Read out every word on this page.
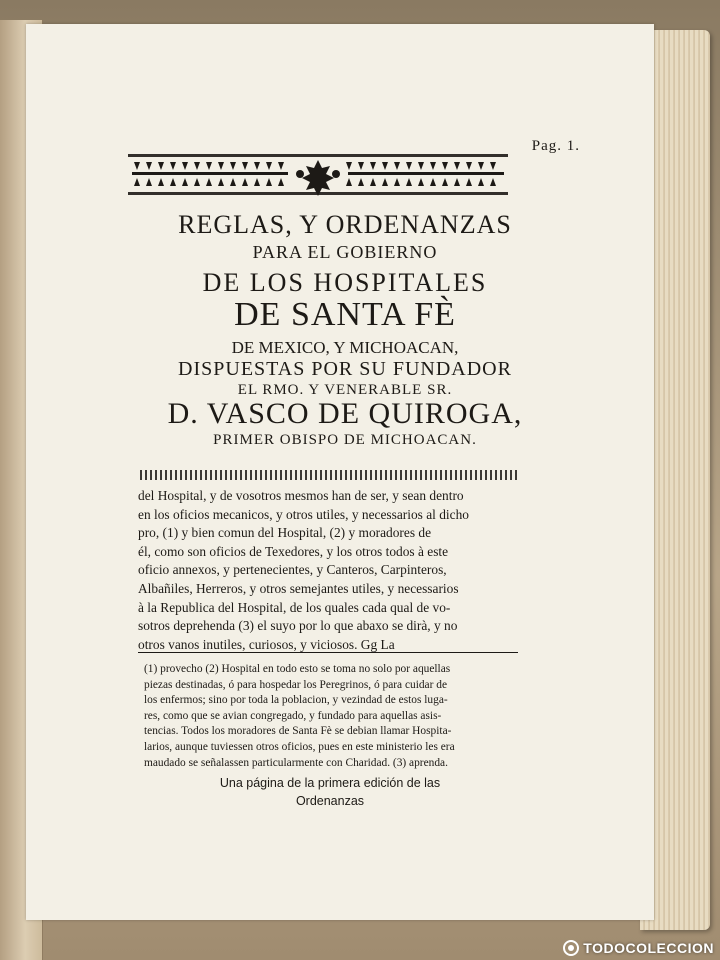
Pag. 1.
REGLAS, Y ORDENANZAS
PARA EL GOBIERNO
DE LOS HOSPITALES
DE SANTA FÈ
DE MEXICO, Y MICHOACAN,
DISPUESTAS POR SU FUNDADOR
EL RMO. Y VENERABLE SR.
D. VASCO DE QUIROGA,
PRIMER OBISPO DE MICHOACAN.
del Hospital, y de vosotros mesmos han de ser, y sean dentro
en los oficios mecanicos, y otros utiles, y necessarios al dicho
pro, (1) y bien comun del Hospital, (2) y moradores de
él, como son oficios de Texedores, y los otros todos à este
oficio annexos, y pertenecientes, y Canteros, Carpinteros,
Albañiles, Herreros, y otros semejantes utiles, y necessarios
à la Republica del Hospital, de los quales cada qual de vo-
sotros deprehenda (3) el suyo por lo que abaxo se dirà, y no
otros vanos inutiles, curiosos, y viciosos. Gg La
(1) provecho (2) Hospital en todo esto se toma no solo por aquellas
piezas destinadas, ó para hospedar los Peregrinos, ó para cuidar de
los enfermos; sino por toda la poblacion, y vezindad de estos luga-
res, como que se avian congregado, y fundado para aquellas asis-
tencias. Todos los moradores de Santa Fè se debian llamar Hospita-
larios, aunque tuviessen otros oficios, pues en este ministerio les era
maudado se señalassen particularmente con Charidad. (3) aprenda.
Una página de la primera edición de las
Ordenanzas
TODOCOLECCION
